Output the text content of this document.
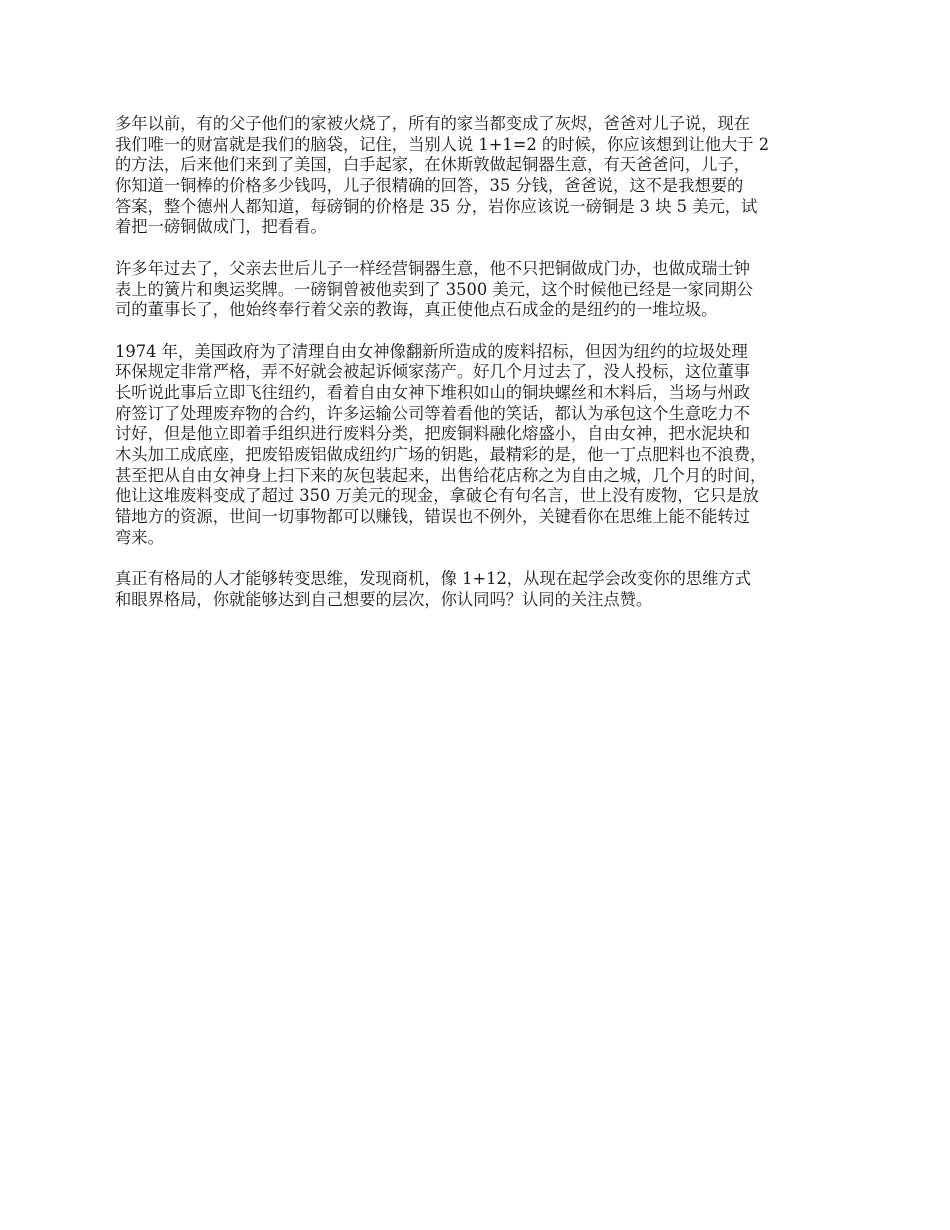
多年以前，有的父子他们的家被火烧了，所有的家当都变成了灰烬，爸爸对儿子说，现在
我们唯一的财富就是我们的脑袋，记住，当别人说 1+1=2 的时候，你应该想到让他大于 2
的方法，后来他们来到了美国，白手起家，在休斯敦做起铜器生意，有天爸爸问，儿子，
你知道一铜棒的价格多少钱吗，儿子很精确的回答，35 分钱，爸爸说，这不是我想要的
答案，整个德州人都知道，每磅铜的价格是 35 分，岩你应该说一磅铜是 3 块 5 美元，试
着把一磅铜做成门，把看看。

许多年过去了，父亲去世后儿子一样经营铜器生意，他不只把铜做成门办，也做成瑞士钟
表上的簧片和奥运奖牌。一磅铜曾被他卖到了 3500 美元，这个时候他已经是一家同期公
司的董事长了，他始终奉行着父亲的教诲，真正使他点石成金的是纽约的一堆垃圾。

1974 年，美国政府为了清理自由女神像翻新所造成的废料招标，但因为纽约的垃圾处理
环保规定非常严格，弄不好就会被起诉倾家荡产。好几个月过去了，没人投标，这位董事
长听说此事后立即飞往纽约，看着自由女神下堆积如山的铜块螺丝和木料后，当场与州政
府签订了处理废弃物的合约，许多运输公司等着看他的笑话，都认为承包这个生意吃力不
讨好，但是他立即着手组织进行废料分类，把废铜料融化熔盛小，自由女神，把水泥块和
木头加工成底座，把废铅废铝做成纽约广场的钥匙，最精彩的是，他一丁点肥料也不浪费，
甚至把从自由女神身上扫下来的灰包装起来，出售给花店称之为自由之城，几个月的时间，
他让这堆废料变成了超过 350 万美元的现金，拿破仑有句名言，世上没有废物，它只是放
错地方的资源，世间一切事物都可以赚钱，错误也不例外，关键看你在思维上能不能转过
弯来。

真正有格局的人才能够转变思维，发现商机，像 1+12，从现在起学会改变你的思维方式
和眼界格局，你就能够达到自己想要的层次，你认同吗？认同的关注点赞。
